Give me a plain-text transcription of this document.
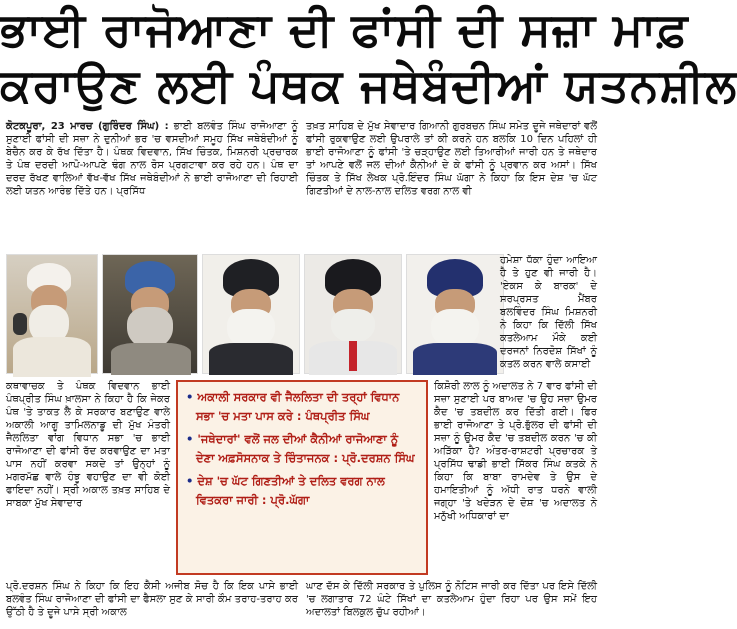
ਭਾਈ ਰਾਜੋਆਣਾ ਦੀ ਫਾਂਸੀ ਦੀ ਸਜ਼ਾ ਮਾਫ਼
ਕਰਾਉਣ ਲਈ ਪੰਥਕ ਜਥੇਬੰਦੀਆਂ ਯਤਨਸ਼ੀਲ

ਕੋਟਕਪੂਰਾ, 23 ਮਾਰਚ (ਗੁਰਿੰਦਰ ਸਿੰਘ) : ਭਾਈ ਬਲਵੰਤ ਸਿੰਘ ਰਾਜੋਆਣਾ ਨੂੰ ਸੁਣਾਈ ਫਾਂਸੀ ਦੀ ਸਜ਼ਾ ਨੇ ਦੁਨੀਆਂ ਭਰ 'ਚ ਵਸਦੀਆਂ ਸਮੂਹ ਸਿੱਖ ਜਥੇਬੰਦੀਆਂ ਨੂੰ ਬੇਚੈਨ ਕਰ ਕੇ ਰੱਖ ਦਿੱਤਾ ਹੈ। ਪੰਥਕ ਵਿਦਵਾਨ, ਸਿੱਖ ਚਿੰਤਕ, ਮਿਸ਼ਨਰੀ ਪ੍ਰਚਾਰਕ ਤੇ ਪੰਥ ਦਰਦੀ ਆਪੋ-ਆਪਣੇ ਢੰਗ ਨਾਲ ਰੋਸ ਪ੍ਰਗਟਾਵਾ ਕਰ ਰਹੇ ਹਨ। ਪੰਥ ਦਾ ਦਰਦ ਰੱਖਣ ਵਾਲਿਆਂ ਵੱਖ-ਵੱਖ ਸਿੱਖ ਜਥੇਬੰਦੀਆਂ ਨੇ ਭਾਈ ਰਾਜੋਆਣਾ ਦੀ ਰਿਹਾਈ ਲਈ ਯਤਨ ਆਰੰਭ ਦਿੱਤੇ ਹਨ। ਪ੍ਰਸਿੱਧ

ਤਖ਼ਤ ਸਾਹਿਬ ਦੇ ਮੁੱਖ ਸੇਵਾਦਾਰ ਗਿਆਨੀ ਗੁਰਬਚਨ ਸਿੰਘ ਸਮੇਤ ਦੂਜੇ ਜਥੇਦਾਰਾਂ ਵਲੋਂ ਫਾਂਸੀ ਰੁਕਵਾਉਣ ਲਈ ਉਪਰਾਲੇ ਤਾਂ ਕੀ ਕਰਨੇ ਹਨ ਬਲਕਿ 10 ਦਿਨ ਪਹਿਲਾਂ ਹੀ ਭਾਈ ਰਾਜੋਆਣਾ ਨੂੰ ਫਾਂਸੀ 'ਤੇ ਚੜ੍ਹਾਉਣ ਲਈ ਤਿਆਰੀਆਂ ਜਾਰੀ ਹਨ ਤੇ ਜਥੇਦਾਰ ਤਾਂ ਆਪਣੇ ਵਲੋਂ ਜਲ ਦੀਆਂ ਕੈਨੀਆਂ ਦੇ ਕੇ ਫਾਂਸੀ ਨੂੰ ਪ੍ਰਵਾਨ ਕਰ ਅਸਾਂ। ਸਿੱਖ ਚਿੰਤਕ ਤੇ ਸਿੱਖ ਲੇਖਕ ਪ੍ਰੋ.ਇੰਦਰ ਸਿੰਘ ਘੱਗਾ ਨੇ ਕਿਹਾ ਕਿ ਇਸ ਦੇਸ਼ 'ਚ ਘੱਟ ਗਿਣਤੀਆਂ ਦੇ ਨਾਲ-ਨਾਲ ਦਲਿਤ ਵਰਗ ਨਾਲ ਵੀ

ਹਮੇਸ਼ਾ ਧੱਕਾ ਹੁੰਦਾ ਆਇਆ ਹੈ ਤੇ ਹੁਣ ਵੀ ਜਾਰੀ ਹੈ। 'ਏਕਸ ਕੇ ਬਾਰਕ' ਦੇ ਸਰਪ੍ਰਸਤ ਮੈਂਬਰ ਬਲਵਿੰਦਰ ਸਿੰਘ ਮਿਸ਼ਨਰੀ ਨੇ ਕਿਹਾ ਕਿ ਦਿੱਲੀ ਸਿੱਖ ਕਤਲੇਆਮ ਮੌਕੇ ਕਈ ਦਰਜਨਾਂ ਨਿਰਦੋਸ਼ ਸਿੱਖਾਂ ਨੂੰ ਕਤਲ ਕਰਨ ਵਾਲੇ ਕਸਾਈ

ਕਥਾਵਾਚਕ ਤੇ ਪੰਥਕ ਵਿਦਵਾਨ ਭਾਈ ਪੰਥਪ੍ਰੀਤ ਸਿੰਘ ਖ਼ਾਲਸਾ ਨੇ ਕਿਹਾ ਹੈ ਕਿ ਜੇਕਰ ਪੰਥ 'ਤੇ ਤਾਕਤ ਲੈ ਕੇ ਸਰਕਾਰ ਬਣਾਉਣ ਵਾਲੇ ਅਕਾਲੀ ਆਗੂ ਤਾਮਿਲਨਾਡੂ ਦੀ ਮੁੱਖ ਮੰਤਰੀ ਜੈਲਲਿਤਾ ਵਾਂਗ ਵਿਧਾਨ ਸਭਾ 'ਚ ਭਾਈ ਰਾਜੋਆਣਾ ਦੀ ਫਾਂਸੀ ਰੱਦ ਕਰਵਾਉਣ ਦਾ ਮਤਾ ਪਾਸ ਨਹੀਂ ਕਰਵਾ ਸਕਦੇ ਤਾਂ ਉਨ੍ਹਾਂ ਨੂੰ ਮਗਰਮੱਛ ਵਾਲੇ ਹੰਝੂ ਵਹਾਉਣ ਦਾ ਵੀ ਕੋਈ ਫਾਇਦਾ ਨਹੀਂ। ਸ੍ਰੀ ਅਕਾਲ ਤਖ਼ਤ ਸਾਹਿਬ ਦੇ ਸਾਬਕਾ ਮੁੱਖ ਸੇਵਾਦਾਰ

• ਅਕਾਲੀ ਸਰਕਾਰ ਵੀ ਜੈਲਲਿਤਾ ਦੀ ਤਰ੍ਹਾਂ ਵਿਧਾਨ ਸਭਾ 'ਚ ਮਤਾ ਪਾਸ ਕਰੇ : ਪੰਥਪ੍ਰੀਤ ਸਿੰਘ

• 'ਜਥੇਦਾਰਾਂ' ਵਲੋਂ ਜਲ ਦੀਆਂ ਕੈਨੀਆਂ ਰਾਜੋਆਣਾ ਨੂੰ ਦੇਣਾ ਅਫ਼ਸੋਸਨਾਕ ਤੇ ਚਿੰਤਾਜਨਕ : ਪ੍ਰੋ.ਦਰਸ਼ਨ ਸਿੰਘ

• ਦੇਸ਼ 'ਚ ਘੱਟ ਗਿਣਤੀਆਂ ਤੇ ਦਲਿਤ ਵਰਗ ਨਾਲ ਵਿਤਕਰਾ ਜਾਰੀ : ਪ੍ਰੋ.ਘੱਗਾ

ਕਿਸ਼ੋਰੀ ਲਾਲ ਨੂੰ ਅਦਾਲਤ ਨੇ 7 ਵਾਰ ਫਾਂਸੀ ਦੀ ਸਜ਼ਾ ਸੁਣਾਈ ਪਰ ਬਾਅਦ 'ਚ ਉਹ ਸਜ਼ਾ ਉਮਰ ਕੈਦ 'ਚ ਤਬਦੀਲ ਕਰ ਦਿੱਤੀ ਗਈ। ਫਿਰ ਭਾਈ ਰਾਜੋਆਣਾ ਤੇ ਪ੍ਰੋ.ਭੁੱਲਰ ਦੀ ਫਾਂਸੀ ਦੀ ਸਜ਼ਾ ਨੂੰ ਉਮਰ ਕੈਦ 'ਚ ਤਬਦੀਲ ਕਰਨ 'ਚ ਕੀ ਅੜਿੱਕਾ ਹੈ? ਅੰਤਰ-ਰਾਸ਼ਟਰੀ ਪ੍ਰਚਾਰਕ ਤੇ ਪ੍ਰਸਿੱਧ ਢਾਡੀ ਭਾਈ ਸਿੱਕਰ ਸਿੰਘ ਕਤਕੇ ਨੇ ਕਿਹਾ ਕਿ ਬਾਬਾ ਰਾਮਦੇਵ ਤੇ ਉਸ ਦੇ ਹਮਾਇਤੀਆਂ ਨੂੰ ਅੱਧੀ ਰਾਤ ਧਰਨੇ ਵਾਲੀ ਜਗ੍ਹਾ 'ਤੇ ਖਦੇੜਨ ਦੇ ਦੋਸ਼ 'ਚ ਅਦਾਲਤ ਨੇ ਮਨੁੱਖੀ ਅਧਿਕਾਰਾਂ ਦਾ

ਪ੍ਰੋ.ਦਰਸ਼ਨ ਸਿੰਘ ਨੇ ਕਿਹਾ ਕਿ ਇਹ ਕੈਸੀ ਅਜੀਬ ਸੋਚ ਹੈ ਕਿ ਇਕ ਪਾਸੇ ਭਾਈ ਬਲਵੰਤ ਸਿੰਘ ਰਾਜੋਆਣਾ ਦੀ ਫਾਂਸੀ ਦਾ ਫੈਸਲਾ ਸੁਣ ਕੇ ਸਾਰੀ ਕੌਮ ਤਰਾਹ-ਤਰਾਹ ਕਰ ਉੱਠੀ ਹੈ ਤੇ ਦੂਜੇ ਪਾਸੇ ਸ੍ਰੀ ਅਕਾਲ

ਘਾਣ ਦੱਸ ਕੇ ਦਿੱਲੀ ਸਰਕਾਰ ਤੇ ਪੁਲਿਸ ਨੂੰ ਨੋਟਿਸ ਜਾਰੀ ਕਰ ਦਿੱਤਾ ਪਰ ਇਸੇ ਦਿੱਲੀ 'ਚ ਲਗਾਤਾਰ 72 ਘੰਟੇ ਸਿੱਖਾਂ ਦਾ ਕਤਲੇਆਮ ਹੁੰਦਾ ਰਿਹਾ ਪਰ ਉਸ ਸਮੇਂ ਇਹ ਅਦਾਲਤਾਂ ਬਿਲਕੁਲ ਚੁੱਪ ਰਹੀਆਂ।
